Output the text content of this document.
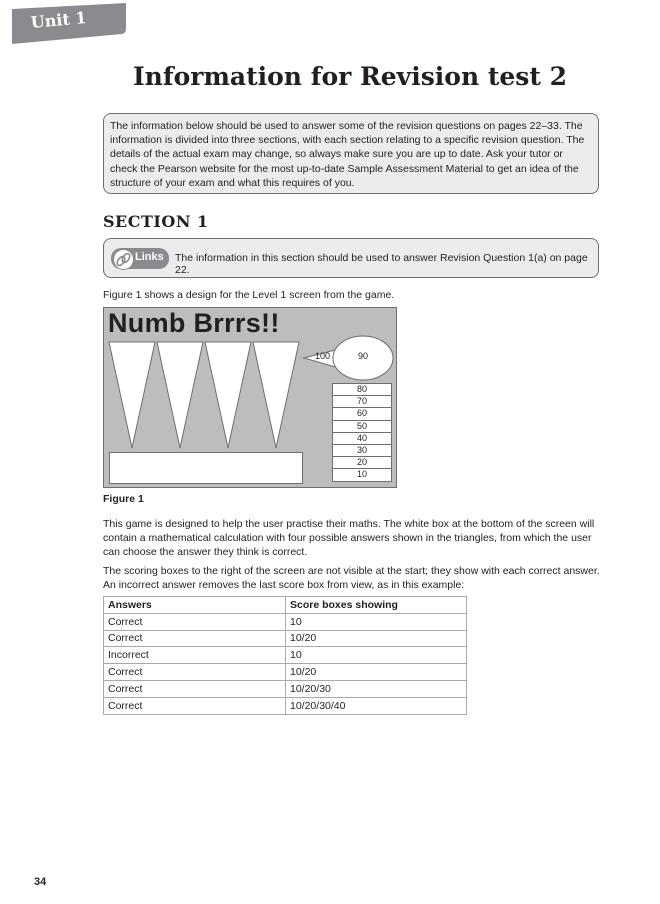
Unit 1
Information for Revision test 2
The information below should be used to answer some of the revision questions on pages 22–33. The information is divided into three sections, with each section relating to a specific revision question. The details of the actual exam may change, so always make sure you are up to date. Ask your tutor or check the Pearson website for the most up-to-date Sample Assessment Material to get an idea of the structure of your exam and what this requires of you.
SECTION 1
Links The information in this section should be used to answer Revision Question 1(a) on page 22.
Figure 1 shows a design for the Level 1 screen from the game.
Numb Brrrs!!
100	90
80
70
60
50
40
30
20
10
Figure 1
This game is designed to help the user practise their maths. The white box at the bottom of the screen will contain a mathematical calculation with four possible answers shown in the triangles, from which the user can choose the answer they think is correct.
The scoring boxes to the right of the screen are not visible at the start; they show with each correct answer. An incorrect answer removes the last score box from view, as in this example:
Answers	Score boxes showing
Correct	10
Correct	10/20
Incorrect	10
Correct	10/20
Correct	10/20/30
Correct	10/20/30/40
34
